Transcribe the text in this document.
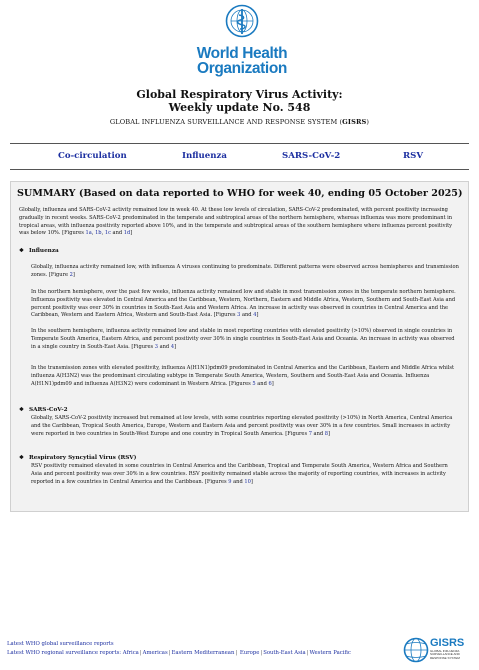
World Health
Organization
Global Respiratory Virus Activity:
Weekly update No. 548
GLOBAL INFLUENZA SURVEILLANCE AND RESPONSE SYSTEM (GISRS)
Co-circulation	Influenza	SARS-CoV-2	RSV
SUMMARY (Based on data reported to WHO for week 40, ending 05 October 2025)
Globally, influenza and SARS-CoV-2 activity remained low in week 40. At these low levels of circulation, SARS-CoV-2 predominated, with percent positivity increasing gradually in recent weeks. SARS-CoV-2 predominated in the temperate and subtropical areas of the northern hemisphere, whereas influenza was more predominant in tropical areas, with influenza positivity reported above 10%, and in the temperate and subtropical areas of the southern hemisphere where influenza percent positivity was below 10%. [Figures 1a, 1b, 1c and 1d]
❖ Influenza
Globally, influenza activity remained low, with influenza A viruses continuing to predominate. Different patterns were observed across hemispheres and transmission zones. [Figure 2]
In the northern hemisphere, over the past few weeks, influenza activity remained low and stable in most transmission zones in the temperate northern hemisphere. Influenza positivity was elevated in Central America and the Caribbean, Western, Northern, Eastern and Middle Africa, Western, Southern and South-East Asia and percent positivity was over 30% in countries in South-East Asia and Western Africa. An increase in activity was observed in countries in Central America and the Caribbean, Western and Eastern Africa, Western and South-East Asia. [Figures 3 and 4]
In the southern hemisphere, influenza activity remained low and stable in most reporting countries with elevated positivity (>10%) observed in single countries in Temperate South America, Eastern Africa, and percent positivity over 30% in single countries in South-East Asia and Oceania. An increase in activity was observed in a single country in South-East Asia. [Figures 3 and 4]
In the transmission zones with elevated positivity, influenza A(H1N1)pdm09 predominated in Central America and the Caribbean, Eastern and Middle Africa whilst influenza A(H3N2) was the predominant circulating subtype in Temperate South America, Western, Southern and South-East Asia and Oceania. Influenza A(H1N1)pdm09 and influenza A(H3N2) were codominant in Western Africa. [Figures 5 and 6]
❖ SARS-CoV-2
Globally, SARS-CoV-2 positivity increased but remained at low levels, with some countries reporting elevated positivity (>10%) in North America, Central America and the Caribbean, Tropical South America, Europe, Western and Eastern Asia and percent positivity was over 30% in a few countries. Small increases in activity were reported in two countries in South-West Europe and one country in Tropical South America. [Figures 7 and 8]
❖ Respiratory Syncytial Virus (RSV)
RSV positivity remained elevated in some countries in Central America and the Caribbean, Tropical and Temperate South America, Western Africa and Southern Asia and percent positivity was over 30% in a few countries. RSV positivity remained stable across the majority of reporting countries, with increases in activity reported in a few countries in Central America and the Caribbean. [Figures 9 and 10]
Latest WHO global surveillance reports
Latest WHO regional surveillance reports: Africa|Americas|Eastern Mediterranean| Europe|South-East Asia|Western Pacific
GISRS
GLOBAL INFLUENZA SURVEILLANCE AND RESPONSE SYSTEM
